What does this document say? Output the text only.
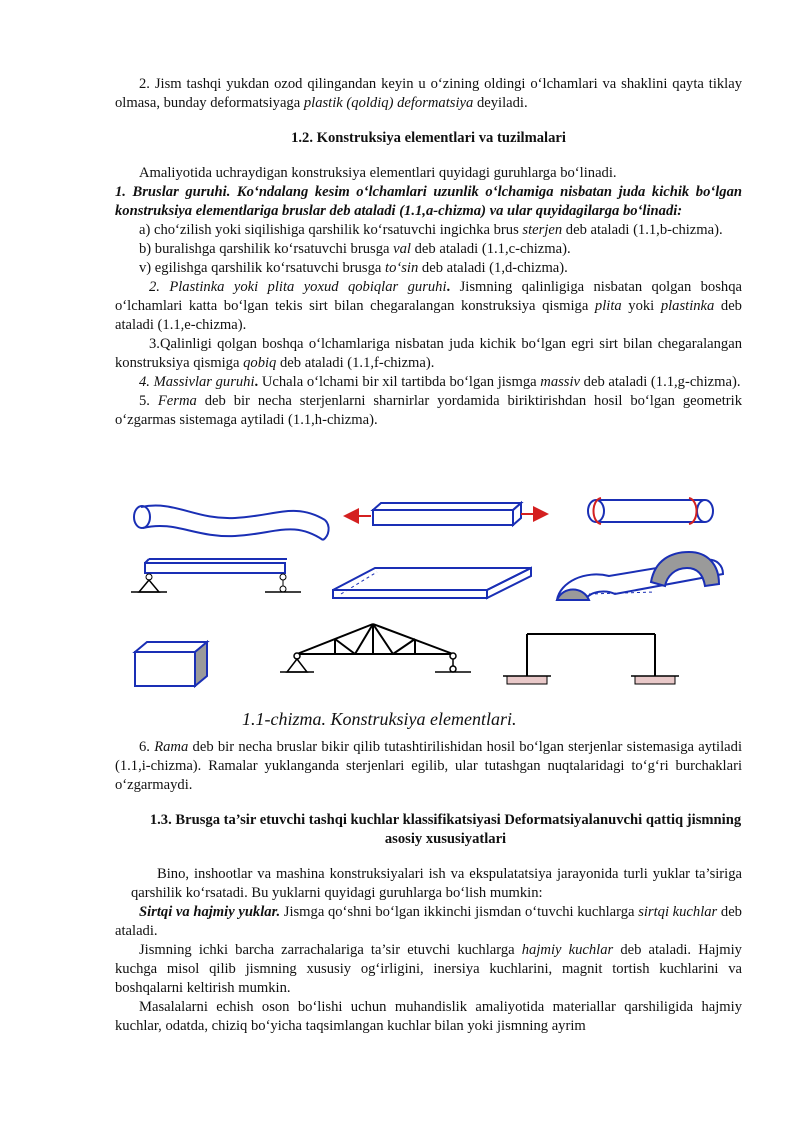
2. Jism tashqi yukdan ozod qilingandan keyin u o‘zining oldingi o‘lchamlari va shaklini qayta tiklay olmasa, bunday deformatsiyaga plastik (qoldiq) deformatsiya deyiladi.

1.2. Konstruksiya elementlari va tuzilmalari

Amaliyotida uchraydigan konstruksiya elementlari quyidagi guruhlarga bo‘linadi.

1. Bruslar guruhi. Ko‘ndalang kesim o‘lchamlari uzunlik o‘lchamiga nisbatan juda kichik bo‘lgan konstruksiya elementlariga bruslar deb ataladi (1.1,a-chizma) va ular quyidagilarga bo‘linadi:

a) cho‘zilish yoki siqilishiga qarshilik ko‘rsatuvchi ingichka brus sterjen deb ataladi (1.1,b-chizma).

b) buralishga qarshilik ko‘rsatuvchi brusga val deb ataladi (1.1,c-chizma).

v) egilishga qarshilik ko‘rsatuvchi brusga to‘sin deb ataladi (1,d-chizma).

2. Plastinka yoki plita yoxud qobiqlar guruhi. Jismning qalinligiga nisbatan qolgan boshqa o‘lchamlari katta bo‘lgan tekis sirt bilan chegaralangan konstruksiya qismiga plita yoki plastinka deb ataladi (1.1,e-chizma).

3.Qalinligi qolgan boshqa o‘lchamlariga nisbatan juda kichik bo‘lgan egri sirt bilan chegaralangan konstruksiya qismiga qobiq deb ataladi (1.1,f-chizma).

4. Massivlar guruhi. Uchala o‘lchami bir xil tartibda bo‘lgan jismga massiv deb ataladi (1.1,g-chizma).

5. Ferma deb bir necha sterjenlarni sharnirlar yordamida biriktirishdan hosil bo‘lgan geometrik o‘zgarmas sistemaga aytiladi (1.1,h-chizma).

1.1-chizma. Konstruksiya elementlari.

6. Rama deb bir necha bruslar bikir qilib tutashtirilishidan hosil bo‘lgan sterjenlar sistemasiga aytiladi (1.1,i-chizma). Ramalar yuklanganda sterjenlari egilib, ular tutashgan nuqtalaridagi to‘g‘ri burchaklari o‘zgarmaydi.

1.3. Brusga ta’sir etuvchi tashqi kuchlar klassifikatsiyasi Deformatsiyalanuvchi qattiq jismning asosiy xususiyatlari

Bino, inshootlar va mashina konstruksiyalari ish va ekspulatatsiya jarayonida turli yuklar ta’siriga qarshilik ko‘rsatadi. Bu yuklarni quyidagi guruhlarga bo‘lish mumkin:

Sirtqi va hajmiy yuklar. Jismga qo‘shni bo‘lgan ikkinchi jismdan o‘tuvchi kuchlarga sirtqi kuchlar deb ataladi.

Jismning ichki barcha zarrachalariga ta’sir etuvchi kuchlarga hajmiy kuchlar deb ataladi. Hajmiy kuchga misol qilib jismning xususiy og‘irligini, inersiya kuchlarini, magnit tortish kuchlarini va boshqalarni keltirish mumkin.

Masalalarni echish oson bo‘lishi uchun muhandislik amaliyotida materiallar qarshiligida hajmiy kuchlar, odatda, chiziq bo‘yicha taqsimlangan kuchlar bilan yoki jismning ayrim
